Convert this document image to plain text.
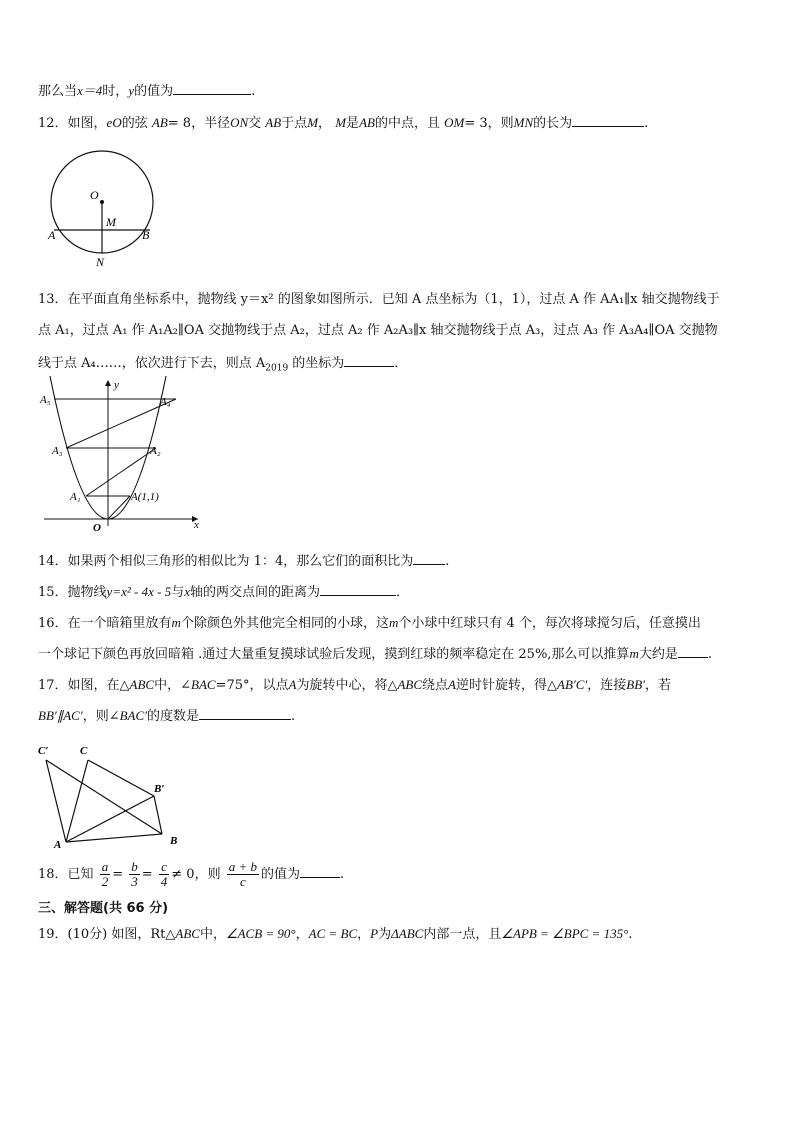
那么当x＝4时，y的值为	.
12．如图，eO的弦 AB= 8，半径ON交 AB于点M， M是AB的中点，且 OM= 3，则MN的长为	.
O
M
A	B
N
13．在平面直角坐标系中，抛物线 y＝x² 的图象如图所示．已知 A 点坐标为（1，1），过点 A 作 AA₁∥x 轴交抛物线于
点 A₁，过点 A₁ 作 A₁A₂∥OA 交抛物线于点 A₂，过点 A₂ 作 A₂A₃∥x 轴交抛物线于点 A₃，过点 A₃ 作 A₃A₄∥OA 交抛物
线于点 A₄……，依次进行下去，则点 $A_{2019}$ 的坐标为	．
y
x
O
A₅	A₄
A₃	A₂
A₁	A(1,1)
14．如果两个相似三角形的相似比为 1：4，那么它们的面积比为 .
15．抛物线y=x² - 4x - 5与x轴的两交点间的距离为	．
16．在一个暗箱里放有m个除颜色外其他完全相同的小球，这m个小球中红球只有 4 个，每次将球搅匀后，任意摸出
一个球记下颜色再放回暗箱 .通过大量重复摸球试验后发现，摸到红球的频率稳定在 25%,那么可以推算m大约是 .
17．如图，在△ABC中，∠BAC=75°，以点A为旋转中心，将△ABC绕点A逆时针旋转，得△AB′C′，连接BB′，若
BB′∥AC′，则∠BAC′的度数是	.
C′	C
B′
A	B
18．已知 $\frac{a}{2} = \frac{b}{3} = \frac{c}{4} \ne 0$，则 $\frac{a + b}{c}$ 的值为	.
三、解答题(共 66 分)
19．(10分) 如图，Rt△ABC中，∠ACB = 90°，AC = BC，P为ΔABC内部一点，且∠APB = ∠BPC = 135°.
